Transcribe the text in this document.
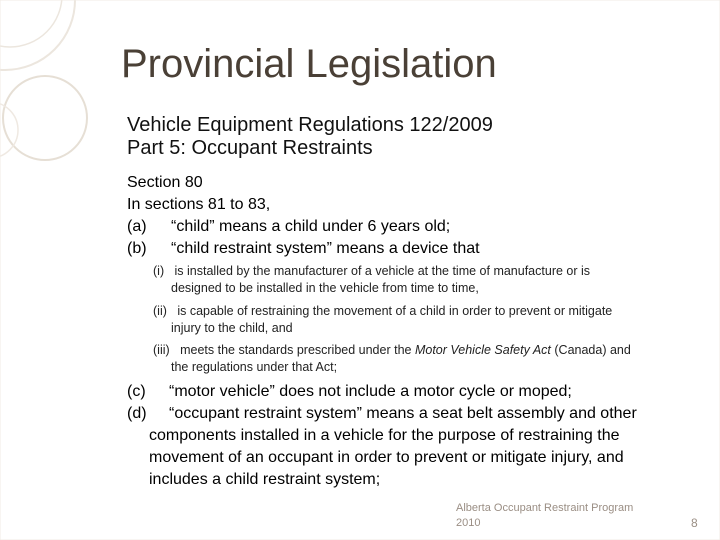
Provincial Legislation
Vehicle Equipment Regulations 122/2009
Part 5: Occupant Restraints
Section 80
In sections 81 to 83,
(a) “child” means a child under 6 years old;
(b) “child restraint system” means a device that
(i) is installed by the manufacturer of a vehicle at the time of manufacture or is
designed to be installed in the vehicle from time to time,
(ii) is capable of restraining the movement of a child in order to prevent or mitigate
injury to the child, and
(iii) meets the standards prescribed under the Motor Vehicle Safety Act (Canada) and
the regulations under that Act;
(c) “motor vehicle” does not include a motor cycle or moped;
(d) “occupant restraint system” means a seat belt assembly and other
components installed in a vehicle for the purpose of restraining the
movement of an occupant in order to prevent or mitigate injury, and
includes a child restraint system;
Alberta Occupant Restraint Program
2010	8
